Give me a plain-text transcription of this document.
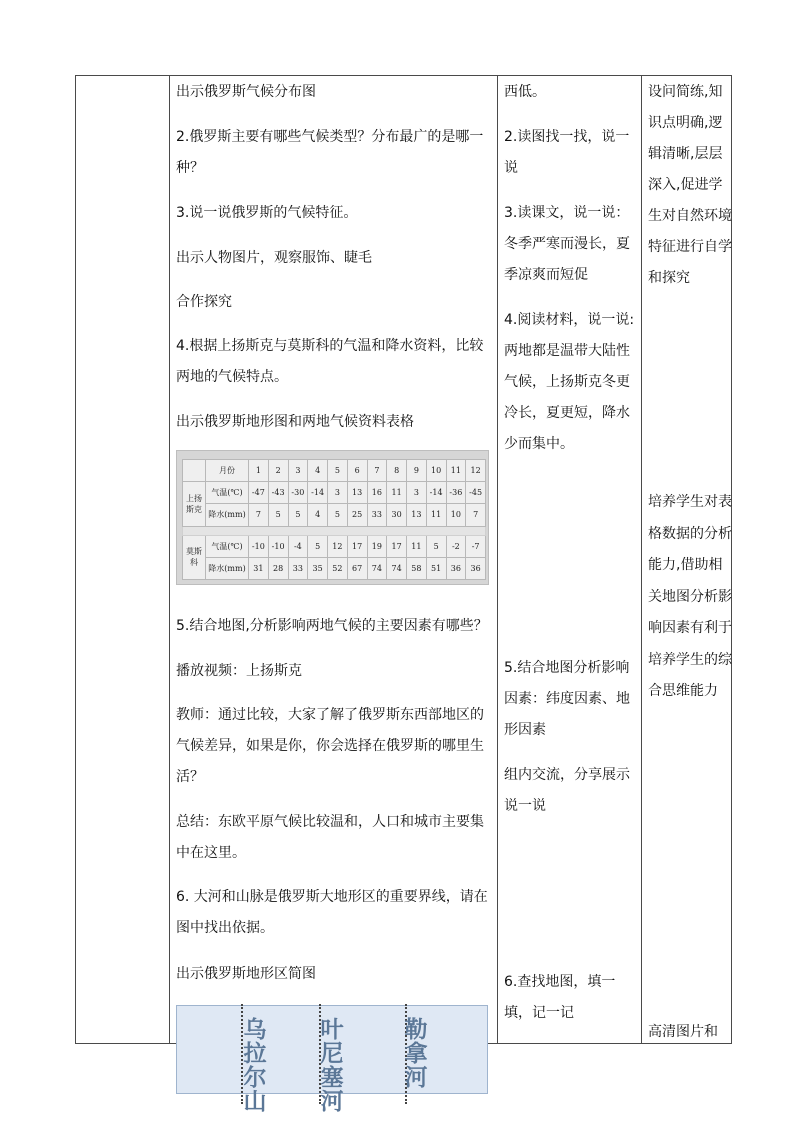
出示俄罗斯气候分布图
2.俄罗斯主要有哪些气候类型？分布最广的是哪一种？
3.说一说俄罗斯的气候特征。
出示人物图片，观察服饰、睫毛
合作探究
4.根据上扬斯克与莫斯科的气温和降水资料，比较两地的气候特点。
出示俄罗斯地形图和两地气候资料表格
	月份	1	2	3	4	5	6	7	8	9	10	11	12
上扬斯克	气温(℃)	-47	-43	-30	-14	3	13	16	11	3	-14	-36	-45
	降水(mm)	7	5	5	4	5	25	33	30	13	11	10	7

莫斯科	气温(℃)	-10	-10	-4	5	12	17	19	17	11	5	-2	-7
	降水(mm)	31	28	33	35	52	67	74	74	58	51	36	36
5.结合地图,分析影响两地气候的主要因素有哪些？
播放视频：上扬斯克
教师：通过比较，大家了解了俄罗斯东西部地区的气候差异，如果是你，你会选择在俄罗斯的哪里生活？
总结：东欧平原气候比较温和，人口和城市主要集中在这里。
6. 大河和山脉是俄罗斯大地形区的重要界线，请在图中找出依据。
出示俄罗斯地形区简图
西低。
2.读图找一找，说一说
3.读课文，说一说：冬季严寒而漫长，夏季凉爽而短促
4.阅读材料，说一说:两地都是温带大陆性气候，上扬斯克冬更冷长，夏更短，降水少而集中。
5.结合地图分析影响因素：纬度因素、地形因素
组内交流，分享展示说一说
6.查找地图，填一填，记一记
设问简练,知识点明确,逻辑清晰,层层深入,促进学生对自然环境特征进行自学和探究
培养学生对表格数据的分析能力,借助相关地图分析影响因素有利于培养学生的综合思维能力
高清图片和
乌拉尔山
叶尼塞河
勒拿河
